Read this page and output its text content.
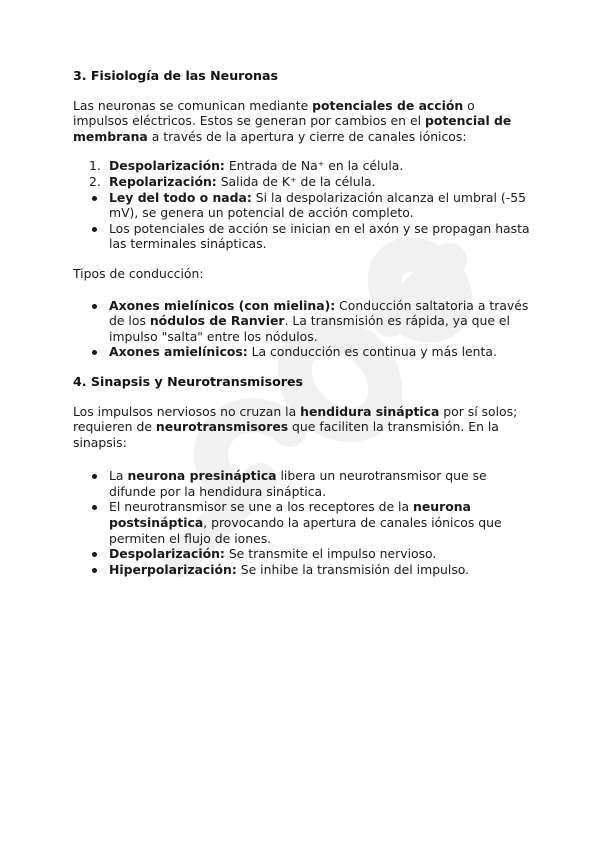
3. Fisiología de las Neuronas

Las neuronas se comunican mediante potenciales de acción o impulsos eléctricos. Estos se generan por cambios en el potencial de membrana a través de la apertura y cierre de canales iónicos:

1. Despolarización: Entrada de Na⁺ en la célula.
2. Repolarización: Salida de K⁺ de la célula.
Ley del todo o nada: Si la despolarización alcanza el umbral (-55 mV), se genera un potencial de acción completo.
Los potenciales de acción se inician en el axón y se propagan hasta las terminales sinápticas.

Tipos de conducción:

Axones mielínicos (con mielina): Conducción saltatoria a través de los nódulos de Ranvier. La transmisión es rápida, ya que el impulso "salta" entre los nódulos.
Axones amielínicos: La conducción es continua y más lenta.
4. Sinapsis y Neurotransmisores

Los impulsos nerviosos no cruzan la hendidura sináptica por sí solos; requieren de neurotransmisores que faciliten la transmisión. En la sinapsis:

La neurona presináptica libera un neurotransmisor que se difunde por la hendidura sináptica.
El neurotransmisor se une a los receptores de la neurona postsináptica, provocando la apertura de canales iónicos que permiten el flujo de iones.
Despolarización: Se transmite el impulso nervioso.
Hiperpolarización: Se inhibe la transmisión del impulso.
